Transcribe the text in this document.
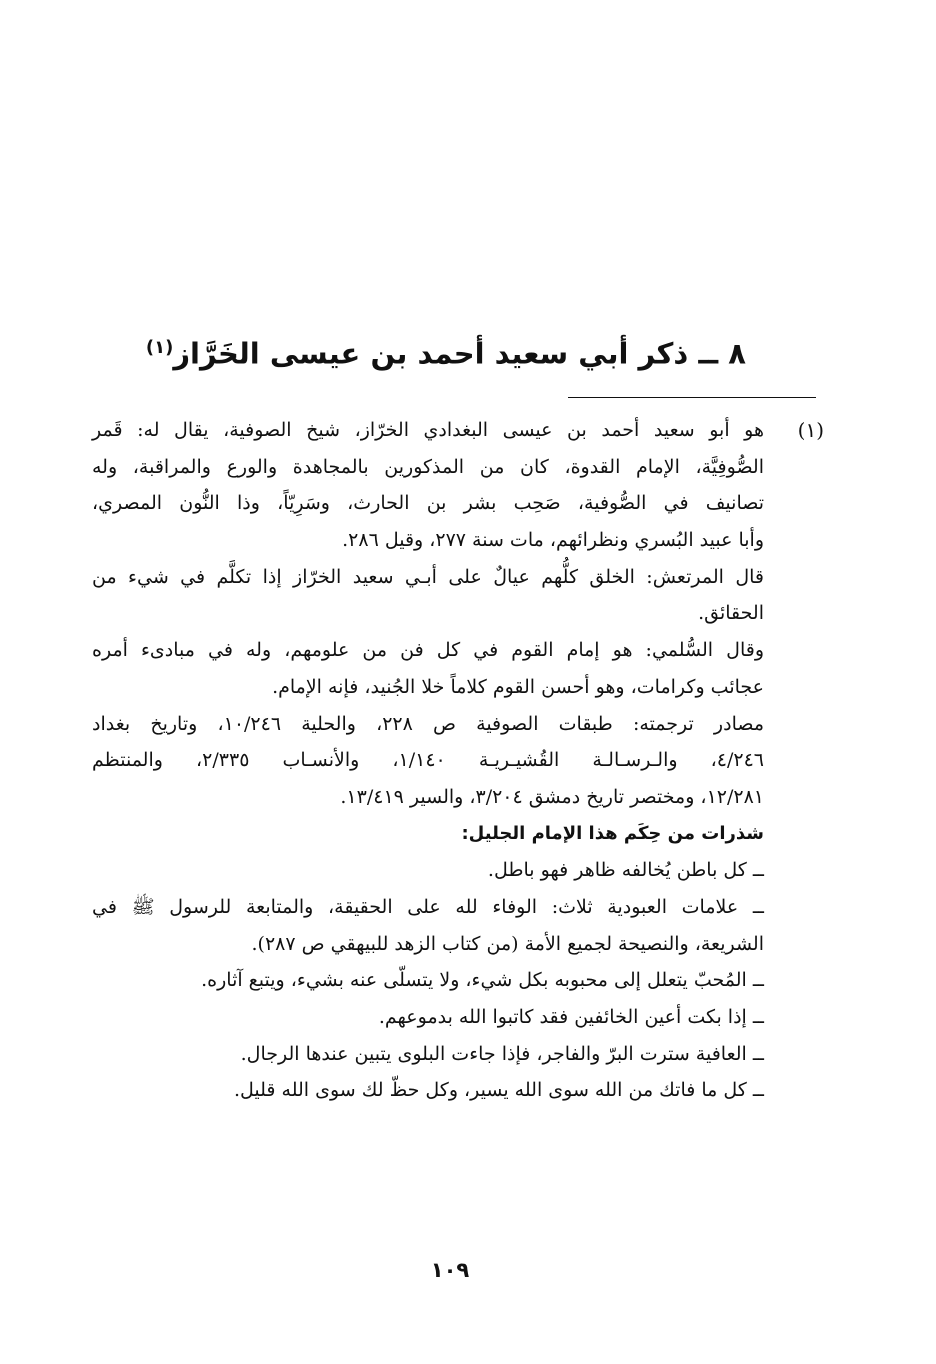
٨ ــ ذكر أبي سعيد أحمد بن عيسى الخَرَّاز$^{(١)}$
(١)
هو أبو سعيد أحمد بن عيسى البغدادي الخرّاز، شيخ الصوفية، يقال له: قَمر
الصُّوفِيَّة، الإمام القدوة، كان من المذكورين بالمجاهدة والورع والمراقبة، وله
تصانيف في الصُّوفية، صَحِب بشر بن الحارث، وسَرِيّاً، وذا النُّون المصري،
وأبا عبيد البُسري ونظرائهم، مات سنة ٢٧٧، وقيل ٢٨٦.
قال المرتعش: الخلق كلُّهم عيالٌ على أبـي سعيد الخرّاز إذا تكلَّم في شيء من
الحقائق.
وقال السُّلمي: هو إمام القوم في كل فن من علومهم، وله في مبادىء أمره
عجائب وكرامات، وهو أحسن القوم كلاماً خلا الجُنيد، فإنه الإمام.
مصادر ترجمته: طبقات الصوفية ص ٢٢٨، والحلية ١٠/٢٤٦، وتاريخ بغداد
٤/٢٤٦، والـرسـالـة القُشيـريـة ١/١٤٠، والأنسـاب ٢/٣٣٥، والمنتظم
١٢/٢٨١، ومختصر تاريخ دمشق ٣/٢٠٤، والسير ١٣/٤١٩.
شذرات من حِكَم هذا الإمام الجليل:
ــ كل باطن يُخالفه ظاهر فهو باطل.
ــ علامات العبودية ثلاث: الوفاء لله على الحقيقة، والمتابعة للرسول ﷺ في
الشريعة، والنصيحة لجميع الأمة (من كتاب الزهد للبيهقي ص ٢٨٧).
ــ المُحبّ يتعلل إلى محبوبه بكل شيء، ولا يتسلّى عنه بشيء، ويتبع آثاره.
ــ إذا بكت أعين الخائفين فقد كاتبوا الله بدموعهم.
ــ العافية سترت البرّ والفاجر، فإذا جاءت البلوى يتبين عندها الرجال.
ــ كل ما فاتك من الله سوى الله يسير، وكل حظّ لك سوى الله قليل.
١٠٩
